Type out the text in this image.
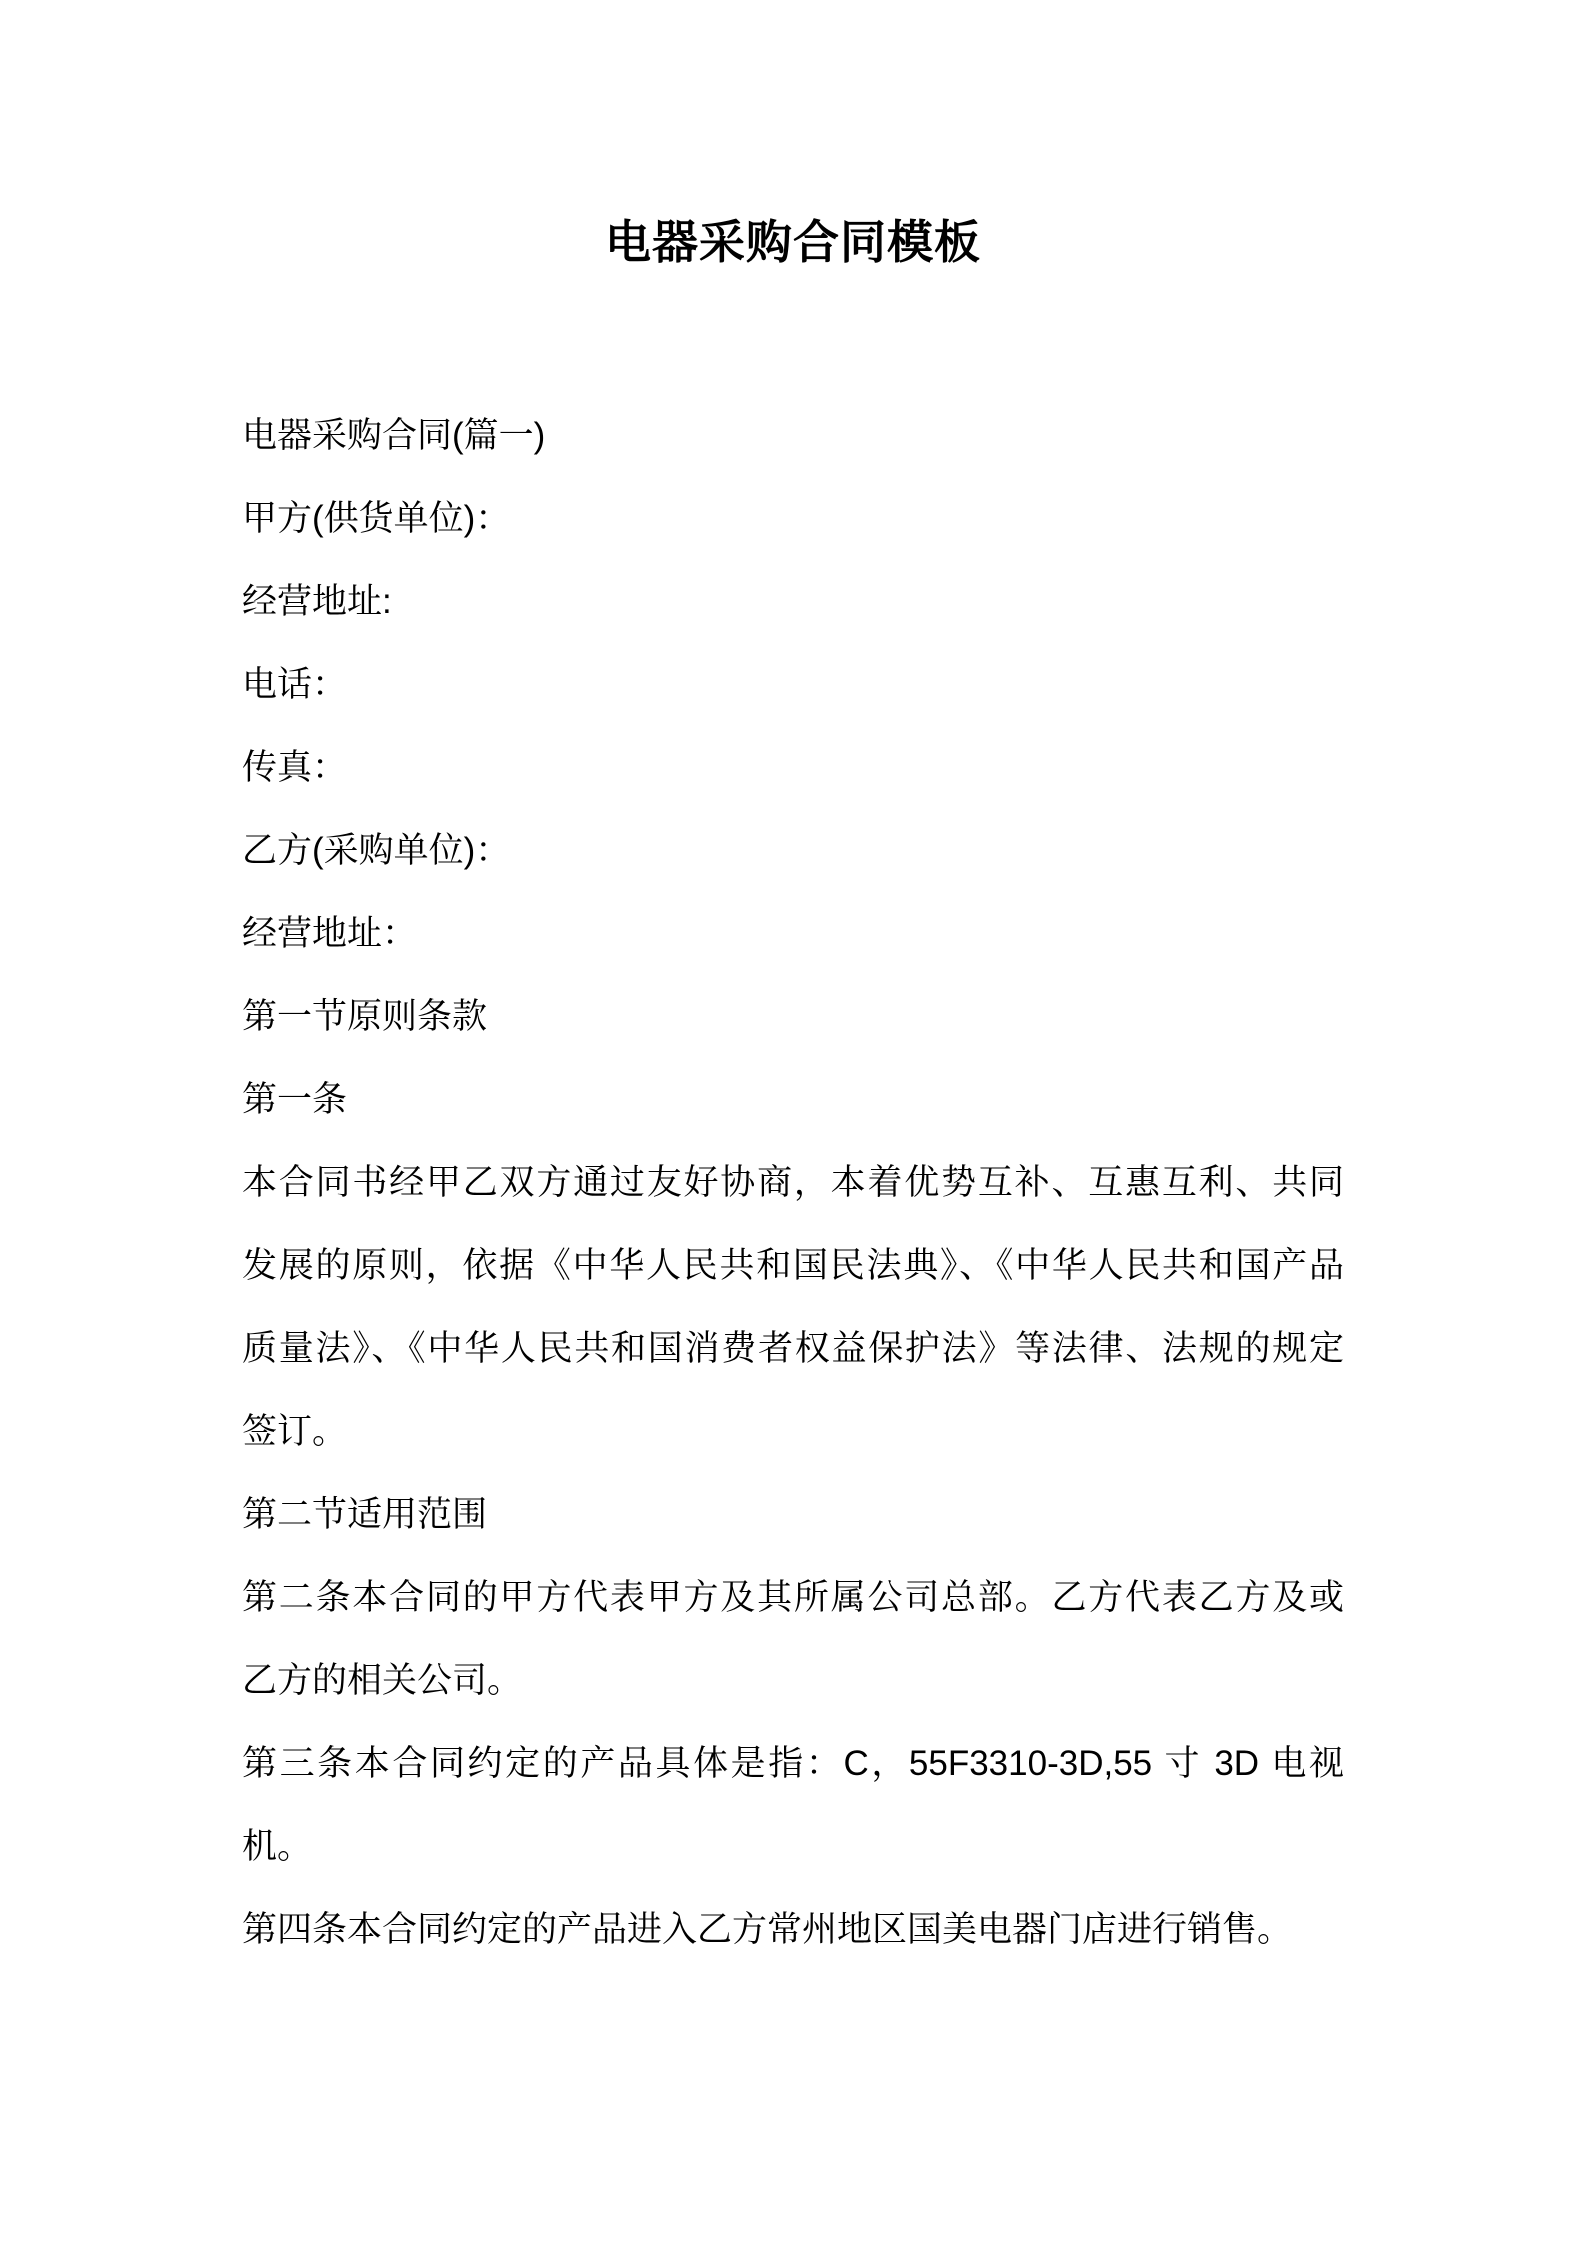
电器采购合同模板
电器采购合同(篇一)
甲方(供货单位)：
经营地址:
电话：
传真：
乙方(采购单位)：
经营地址：
第一节原则条款
第一条
本合同书经甲乙双方通过友好协商，本着优势互补、互惠互利、共同
发展的原则，依据《中华人民共和国民法典》、《中华人民共和国产品
质量法》、《中华人民共和国消费者权益保护法》等法律、法规的规定
签订。
第二节适用范围
第二条本合同的甲方代表甲方及其所属公司总部。乙方代表乙方及或
乙方的相关公司。
第三条本合同约定的产品具体是指：C，55F3310-3D,55 寸 3D 电视
机。
第四条本合同约定的产品进入乙方常州地区国美电器门店进行销售。
